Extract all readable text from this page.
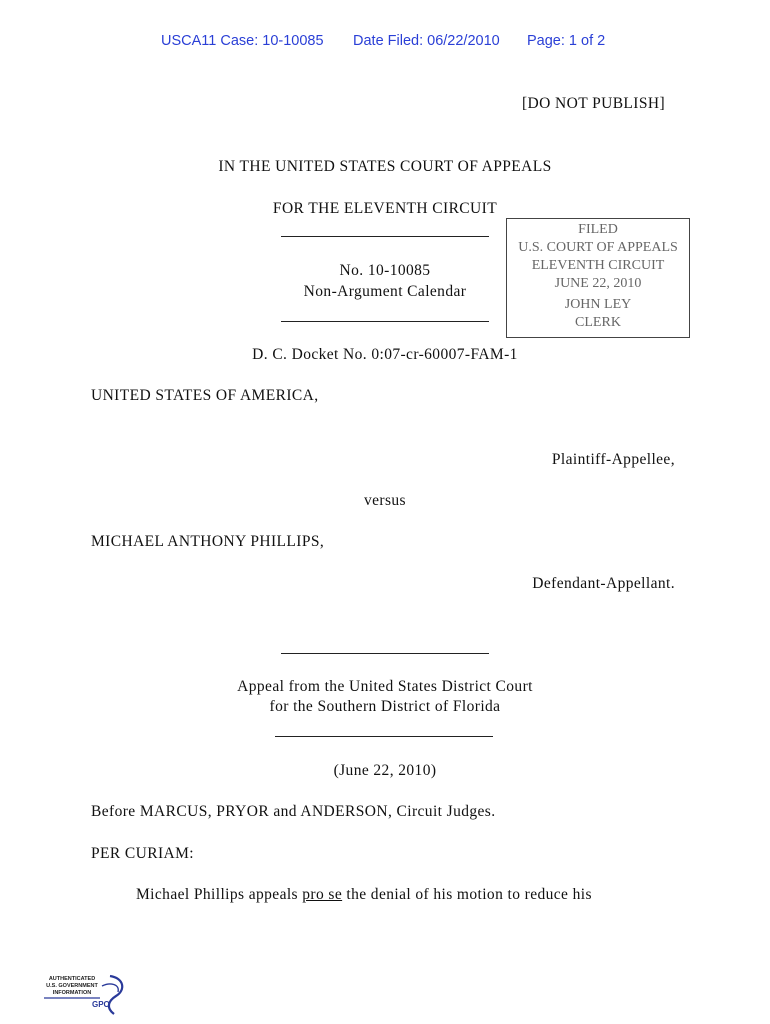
USCA11 Case: 10-10085 Date Filed: 06/22/2010 Page: 1 of 2
[DO NOT PUBLISH]
IN THE UNITED STATES COURT OF APPEALS
FOR THE ELEVENTH CIRCUIT
No. 10-10085
Non-Argument Calendar
FILED
U.S. COURT OF APPEALS
ELEVENTH CIRCUIT
JUNE 22, 2010
JOHN LEY
CLERK
D. C. Docket No. 0:07-cr-60007-FAM-1
UNITED STATES OF AMERICA,
Plaintiff-Appellee,
versus
MICHAEL ANTHONY PHILLIPS,
Defendant-Appellant.
Appeal from the United States District Court
for the Southern District of Florida
(June 22, 2010)
Before MARCUS, PRYOR and ANDERSON, Circuit Judges.
PER CURIAM:
Michael Phillips appeals pro se the denial of his motion to reduce his
AUTHENTICATED
U.S. GOVERNMENT
INFORMATION
GPO
